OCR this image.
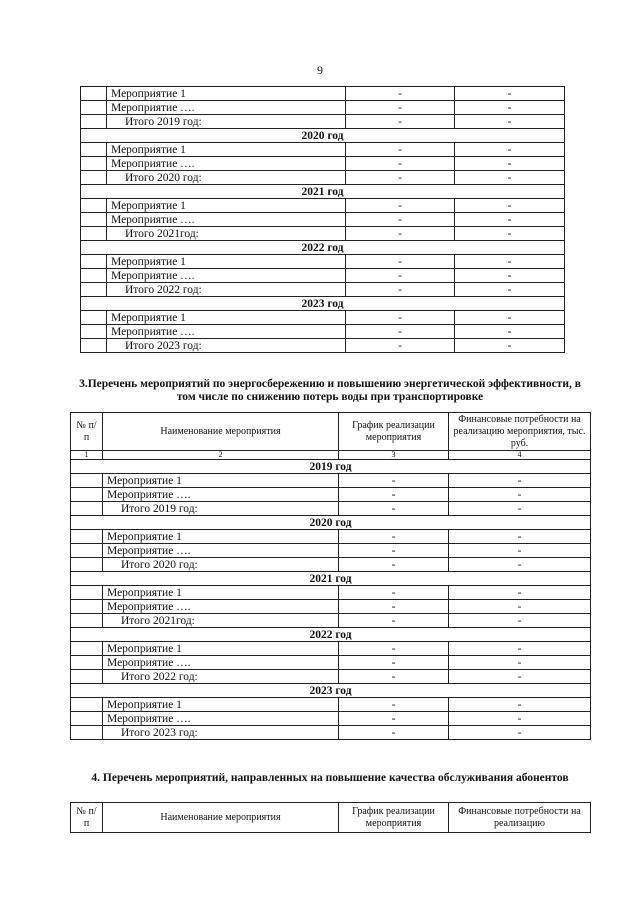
9
	Мероприятие 1	-	-
	Мероприятие ….	-	-
	Итого 2019 год:	-	-
2020 год			
	Мероприятие 1	-	-
	Мероприятие ….	-	-
	Итого 2020 год:	-	-
2021 год			
	Мероприятие 1	-	-
	Мероприятие ….	-	-
	Итого 2021год:	-	-
2022 год			
	Мероприятие 1	-	-
	Мероприятие ….	-	-
	Итого 2022 год:	-	-
2023 год			
	Мероприятие 1	-	-
	Мероприятие ….	-	-
	Итого 2023 год:	-	-
3.Перечень мероприятий по энергосбережению и повышению энергетической эффективности, в том числе по снижению потерь воды при транспортировке
№ п/п	Наименование мероприятия	График реализации мероприятия	Финансовые потребности на реализацию мероприятия, тыс. руб.
1	2	3	4
2019 год			
	Мероприятие 1	-	-
	Мероприятие ….	-	-
	Итого 2019 год:	-	-
2020 год			
	Мероприятие 1	-	-
	Мероприятие ….	-	-
	Итого 2020 год:	-	-
2021 год			
	Мероприятие 1	-	-
	Мероприятие ….	-	-
	Итого 2021год:	-	-
2022 год			
	Мероприятие 1	-	-
	Мероприятие ….	-	-
	Итого 2022 год:	-	-
2023 год			
	Мероприятие 1	-	-
	Мероприятие ….	-	-
	Итого 2023 год:	-	-
4. Перечень мероприятий, направленных на повышение качества обслуживания абонентов
№ п/п	Наименование мероприятия	График реализации мероприятия	Финансовые потребности на реализацию
